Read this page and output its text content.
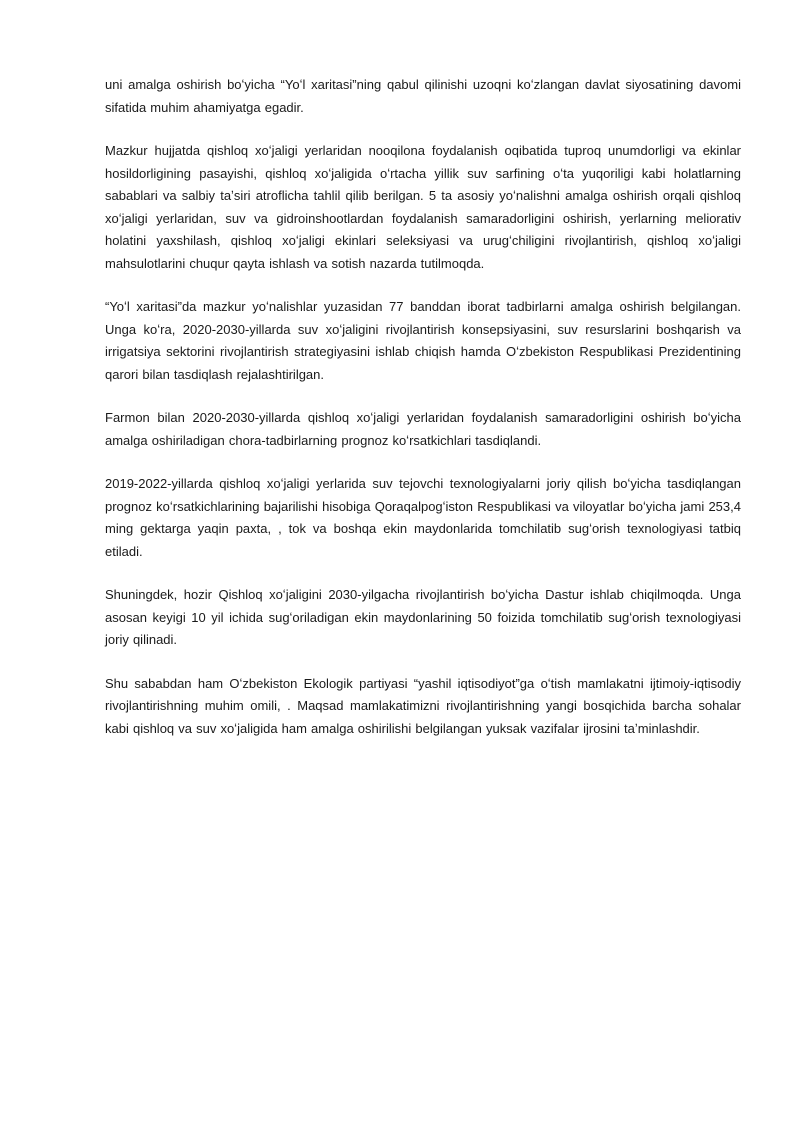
uni amalga oshirish boʻyicha “Yoʻl xaritasi”ning qabul qilinishi uzoqni koʻzlangan davlat siyosatining davomi sifatida muhim ahamiyatga egadir.

Mazkur hujjatda qishloq xoʻjaligi yerlaridan nooqilona foydalanish oqibatida tuproq unumdorligi va ekinlar hosildorligining pasayishi, qishloq xoʻjaligida oʻrtacha yillik suv sarfining oʻta yuqoriligi kabi holatlarning sabablari va salbiy taʼsiri atroflicha tahlil qilib berilgan. 5 ta asosiy yoʻnalishni amalga oshirish orqali qishloq xoʻjaligi yerlaridan, suv va gidroinshootlardan foydalanish samaradorligini oshirish, yerlarning meliorativ holatini yaxshilash, qishloq xoʻjaligi ekinlari seleksiyasi va urugʻchiligini rivojlantirish, qishloq xoʻjaligi mahsulotlarini chuqur qayta ishlash va sotish nazarda tutilmoqda.

“Yoʻl xaritasi”da mazkur yoʻnalishlar yuzasidan 77 banddan iborat tadbirlarni amalga oshirish belgilangan. Unga koʻra, 2020-2030-yillarda suv xoʻjaligini rivojlantirish konsepsiyasini, suv resurslarini boshqarish va irrigatsiya sektorini rivojlantirish strategiyasini ishlab chiqish hamda Oʻzbekiston Respublikasi Prezidentining qarori bilan tasdiqlash rejalashtirilgan.

Farmon bilan 2020-2030-yillarda qishloq xoʻjaligi yerlaridan foydalanish samaradorligini oshirish boʻyicha amalga oshiriladigan chora-tadbirlarning prognoz koʻrsatkichlari tasdiqlandi.

2019-2022-yillarda qishloq xoʻjaligi yerlarida suv tejovchi texnologiyalarni joriy qilish boʻyicha tasdiqlangan prognoz koʻrsatkichlarining bajarilishi hisobiga Qoraqalpogʻiston Respublikasi va viloyatlar boʻyicha jami 253,4 ming gektarga yaqin paxta, , tok va boshqa ekin maydonlarida tomchilatib sugʻorish texnologiyasi tatbiq etiladi.

Shuningdek, hozir Qishloq xoʻjaligini 2030-yilgacha rivojlantirish boʻyicha Dastur ishlab chiqilmoqda. Unga asosan keyigi 10 yil ichida sugʻoriladigan ekin maydonlarining 50 foizida tomchilatib sugʻorish texnologiyasi joriy qilinadi.

Shu sababdan ham Oʻzbekiston Ekologik partiyasi “yashil iqtisodiyot”ga oʻtish mamlakatni ijtimoiy-iqtisodiy rivojlantirishning muhim omili, . Maqsad mamlakatimizni rivojlantirishning yangi bosqichida barcha sohalar kabi qishloq va suv xoʻjaligida ham amalga oshirilishi belgilangan yuksak vazifalar ijrosini taʼminlashdir.
